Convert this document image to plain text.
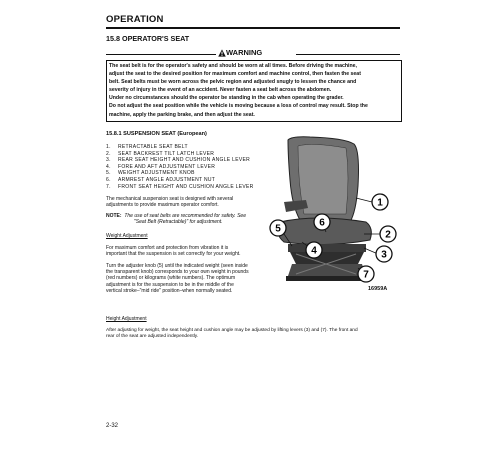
OPERATION
15.8 OPERATOR'S SEAT
WARNING
The seat belt is for the operator's safety and should be worn at all times. Before driving the machine,
adjust the seat to the desired position for maximum comfort and machine control, then fasten the seat
belt. Seat belts must be worn across the pelvic region and adjusted snugly to lessen the chance and
severity of injury in the event of an accident. Never fasten a seat belt across the abdomen.
Under no circumstances should the operator be standing in the cab when operating the grader.
Do not adjust the seat position while the vehicle is moving because a loss of control may result. Stop the
machine, apply the parking brake, and then adjust the seat.
15.8.1 SUSPENSION SEAT (European)
1. RETRACTABLE SEAT BELT
2. SEAT BACKREST TILT LATCH LEVER
3. REAR SEAT HEIGHT AND CUSHION ANGLE LEVER
4. FORE AND AFT ADJUSTMENT LEVER
5. WEIGHT ADJUSTMENT KNOB
6. ARMREST ANGLE ADJUSTMENT NUT
7. FRONT SEAT HEIGHT AND CUSHION ANGLE LEVER
The mechanical suspension seat is designed with several
adjustments to provide maximum operator comfort.
NOTE: The use of seat belts are recommended for safety. See
"Seat Belt (Retractable)" for adjustment.
Weight Adjustment
For maximum comfort and protection from vibration it is
important that the suspension is set correctly for your weight.
Turn the adjuster knob (5) until the indicated weight (seen inside
the transparent knob) corresponds to your own weight in pounds
(red numbers) or kilograms (white numbers). The optimum
adjustment is for the suspension to be in the middle of the
vertical stroke–"mid ride" position–when normally seated.
Height Adjustment
After adjusting for weight, the seat height and cushion angle may be adjusted by lifting levers (3) and (7). The front and
rear of the seat are adjusted independently.
1
2
3
4
5
6
7
16959A
2-32
